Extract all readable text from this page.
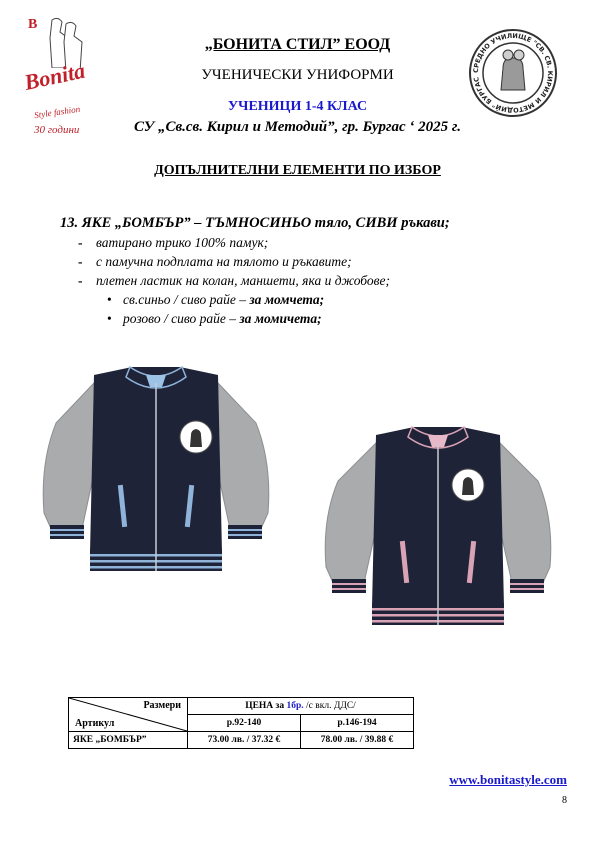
B
Bonita
Style fashion
30 години
СРЕДНО УЧИЛИЩЕ "СВ. СВ. КИРИЛ И МЕТОДИЙ" БУРГАС
„БОНИТА СТИЛ” ЕООД
УЧЕНИЧЕСКИ УНИФОРМИ
УЧЕНИЦИ 1-4 КЛАС
СУ „Св.св. Кирил и Методий”, гр. Бургас ‘ 2025 г.
ДОПЪЛНИТЕЛНИ ЕЛЕМЕНТИ ПО ИЗБОР
13. ЯКЕ „БОМБЪР” – ТЪМНОСИНЬО тяло, СИВИ ръкави;
- ватирано трико 100% памук;
- с памучна подплата на тялото и ръкавите;
- плетен ластик на колан, маншети, яка и джобове;
• св.синьо / сиво райе – за момчета;
• розово / сиво райе – за момичета;
Размери
Артикул	ЦЕНА за 1бр. /с вкл. ДДС/	
	р.92-140	р.146-194
ЯКЕ „БОМБЪР”	73.00 лв. / 37.32 €	78.00 лв. / 39.88 €
www.bonitastyle.com
8
